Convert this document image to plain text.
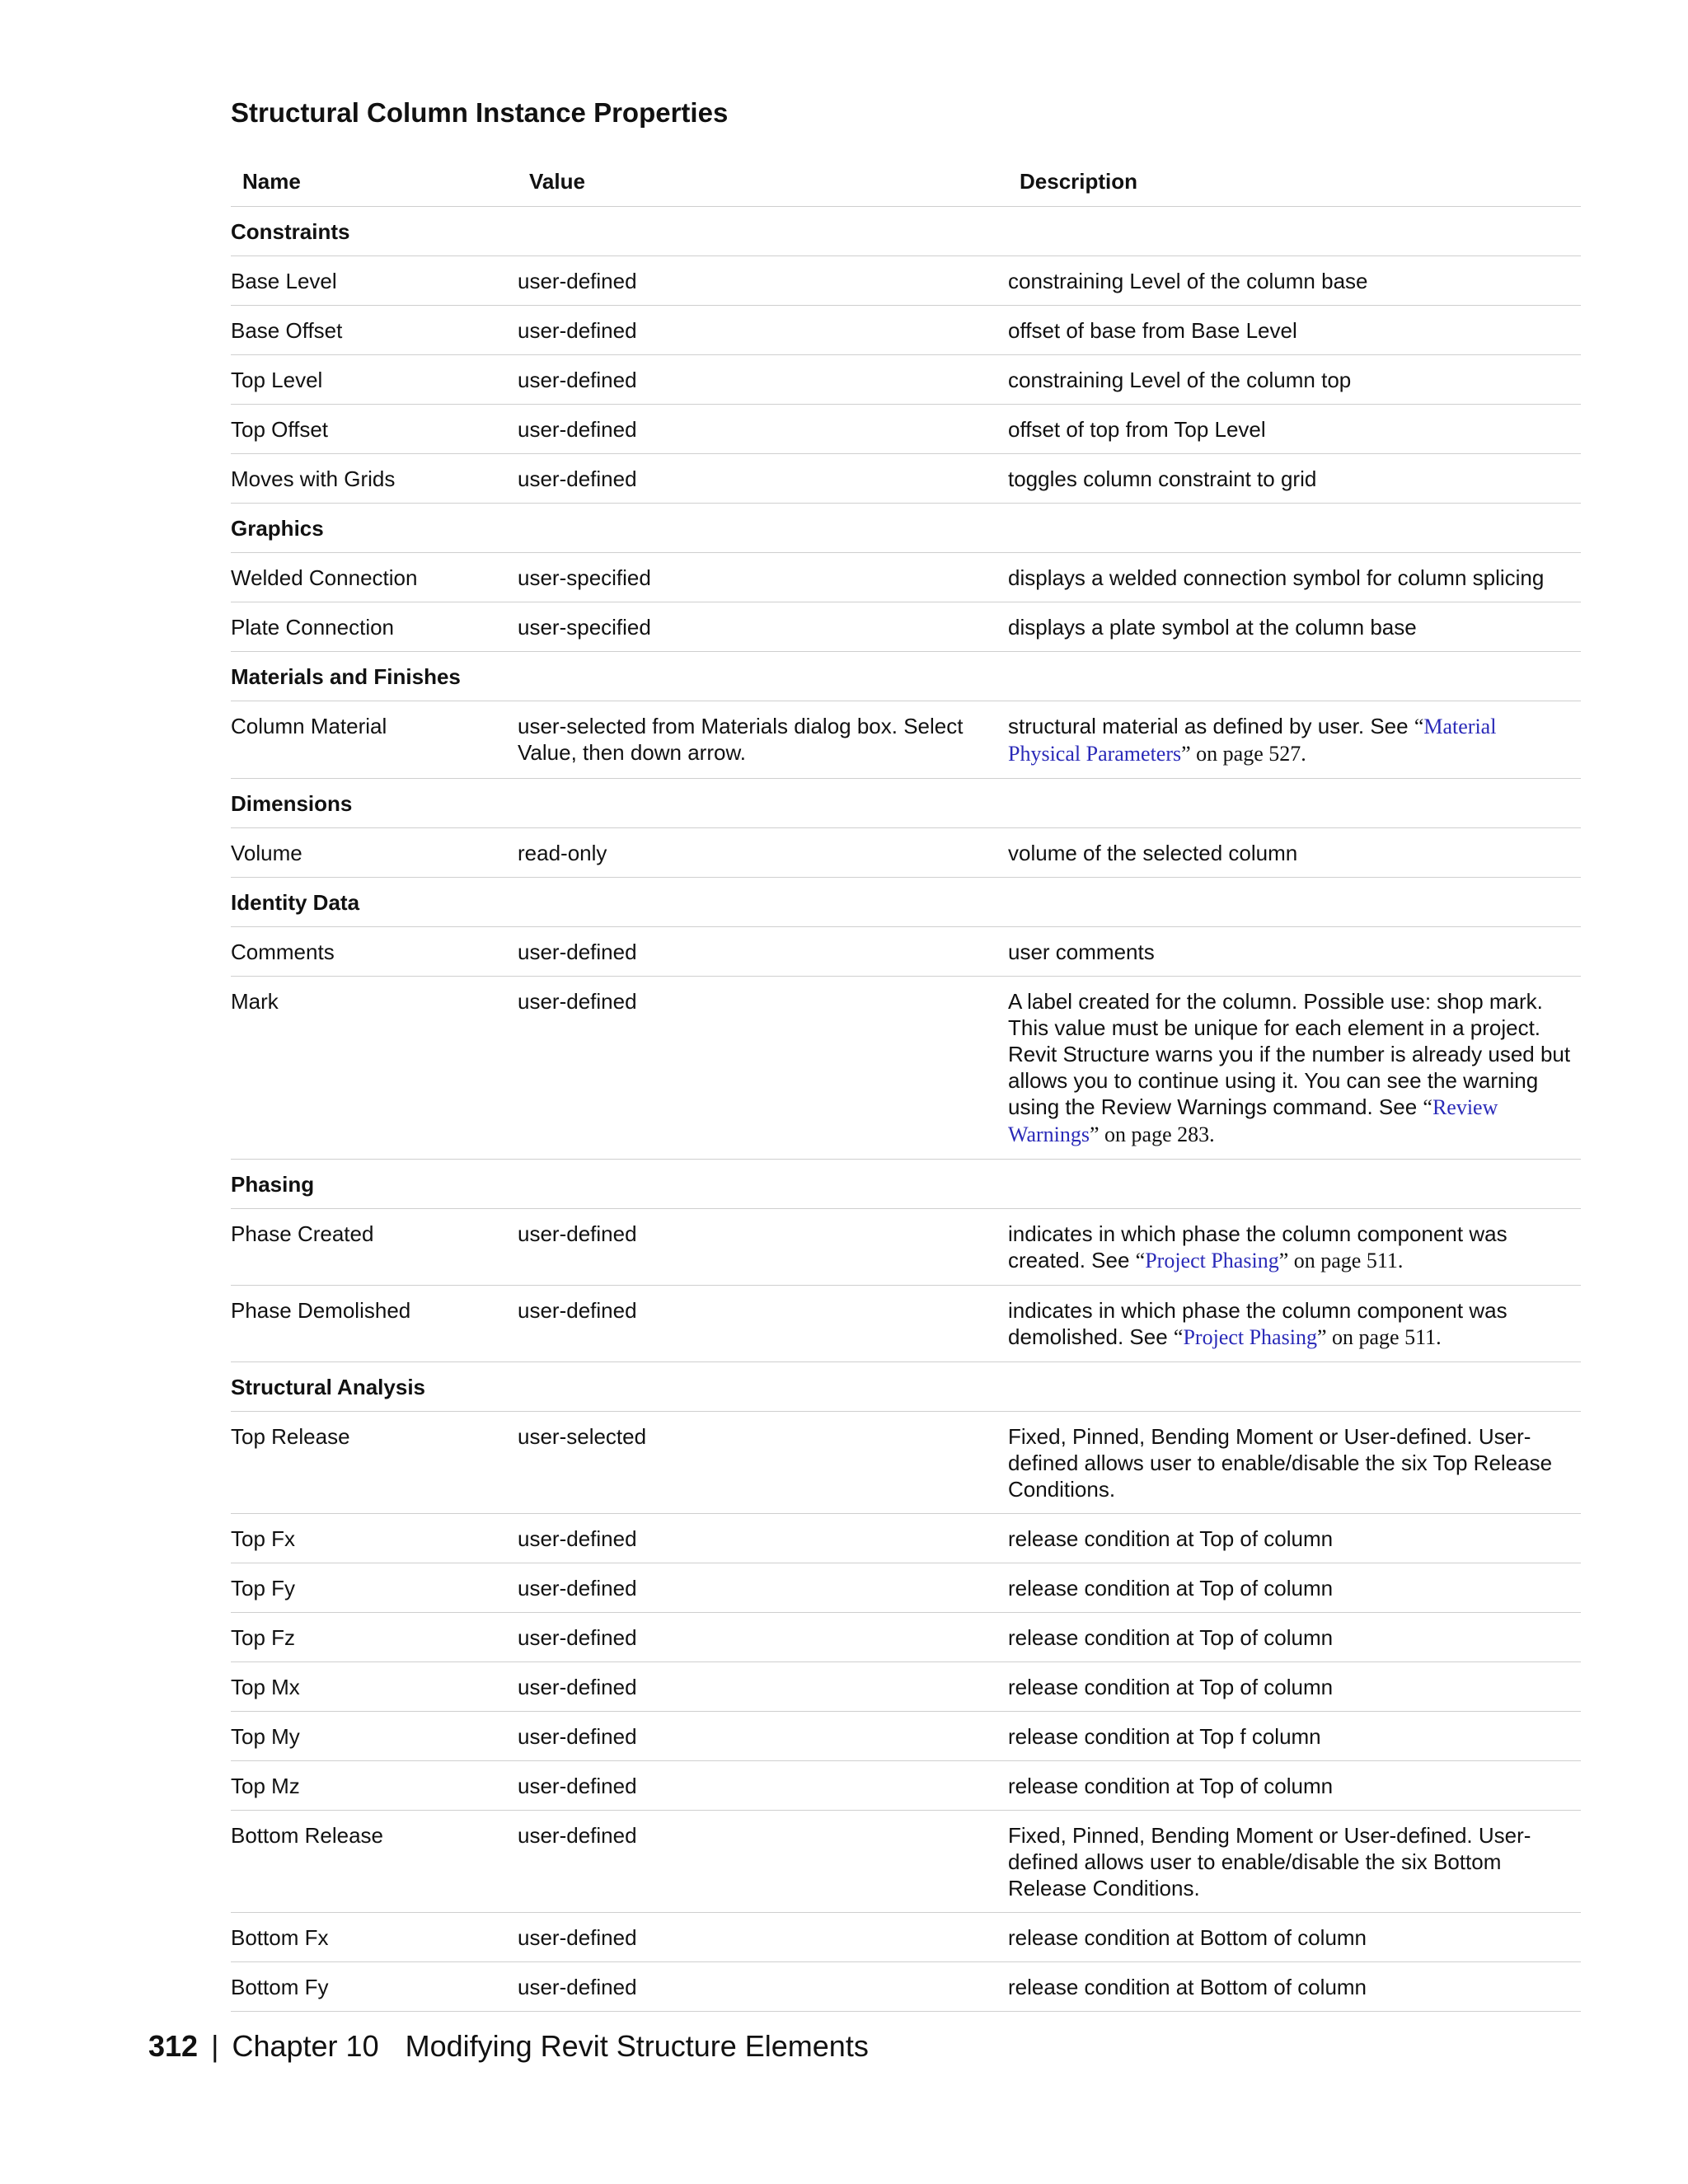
Structural Column Instance Properties
Name	Value	Description
Constraints		
Base Level	user-defined	constraining Level of the column base
Base Offset	user-defined	offset of base from Base Level
Top Level	user-defined	constraining Level of the column top
Top Offset	user-defined	offset of top from Top Level
Moves with Grids	user-defined	toggles column constraint to grid
Graphics		
Welded Connection	user-specified	displays a welded connection symbol for column splicing
Plate Connection	user-specified	displays a plate symbol at the column base
Materials and Finishes		
Column Material	user-selected from Materials dialog box. Select Value, then down arrow.	structural material as defined by user. See “Material Physical Parameters” on page 527.
Dimensions		
Volume	read-only	volume of the selected column
Identity Data		
Comments	user-defined	user comments
Mark	user-defined	A label created for the column. Possible use: shop mark. This value must be unique for each element in a project. Revit Structure warns you if the number is already used but allows you to continue using it. You can see the warning using the Review Warnings command. See “Review Warnings” on page 283.
Phasing		
Phase Created	user-defined	indicates in which phase the column component was created. See “Project Phasing” on page 511.
Phase Demolished	user-defined	indicates in which phase the column component was demolished. See “Project Phasing” on page 511.
Structural Analysis		
Top Release	user-selected	Fixed, Pinned, Bending Moment or User-defined. User-defined allows user to enable/disable the six Top Release Conditions.
Top Fx	user-defined	release condition at Top of column
Top Fy	user-defined	release condition at Top of column
Top Fz	user-defined	release condition at Top of column
Top Mx	user-defined	release condition at Top of column
Top My	user-defined	release condition at Top f column
Top Mz	user-defined	release condition at Top of column
Bottom Release	user-defined	Fixed, Pinned, Bending Moment or User-defined. User-defined allows user to enable/disable the six Bottom Release Conditions.
Bottom Fx	user-defined	release condition at Bottom of column
Bottom Fy	user-defined	release condition at Bottom of column
312 | Chapter 10 Modifying Revit Structure Elements
